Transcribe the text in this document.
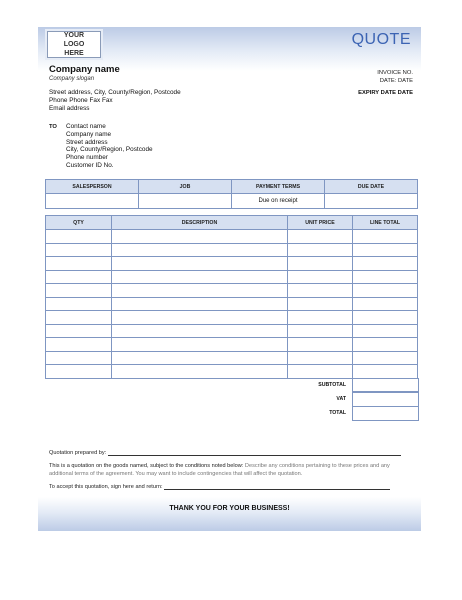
YOUR LOGO HERE
QUOTE
Company name
Company slogan
INVOICE NO.
DATE: DATE
EXPIRY DATE DATE
Street address, City, County/Region, Postcode
Phone Phone Fax Fax
Email address
TO Contact name
Company name
Street address
City, County/Region, Postcode
Phone number
Customer ID No.
SALESPERSON	JOB	PAYMENT TERMS	DUE DATE
		Due on receipt	
QTY	DESCRIPTION	UNIT PRICE	LINE TOTAL

SUBTOTAL
VAT
TOTAL
Quotation prepared by:
This is a quotation on the goods named, subject to the conditions noted below: Describe any conditions pertaining to these prices and any additional terms of the agreement. You may want to include contingencies that will affect the quotation.
To accept this quotation, sign here and return:
THANK YOU FOR YOUR BUSINESS!
